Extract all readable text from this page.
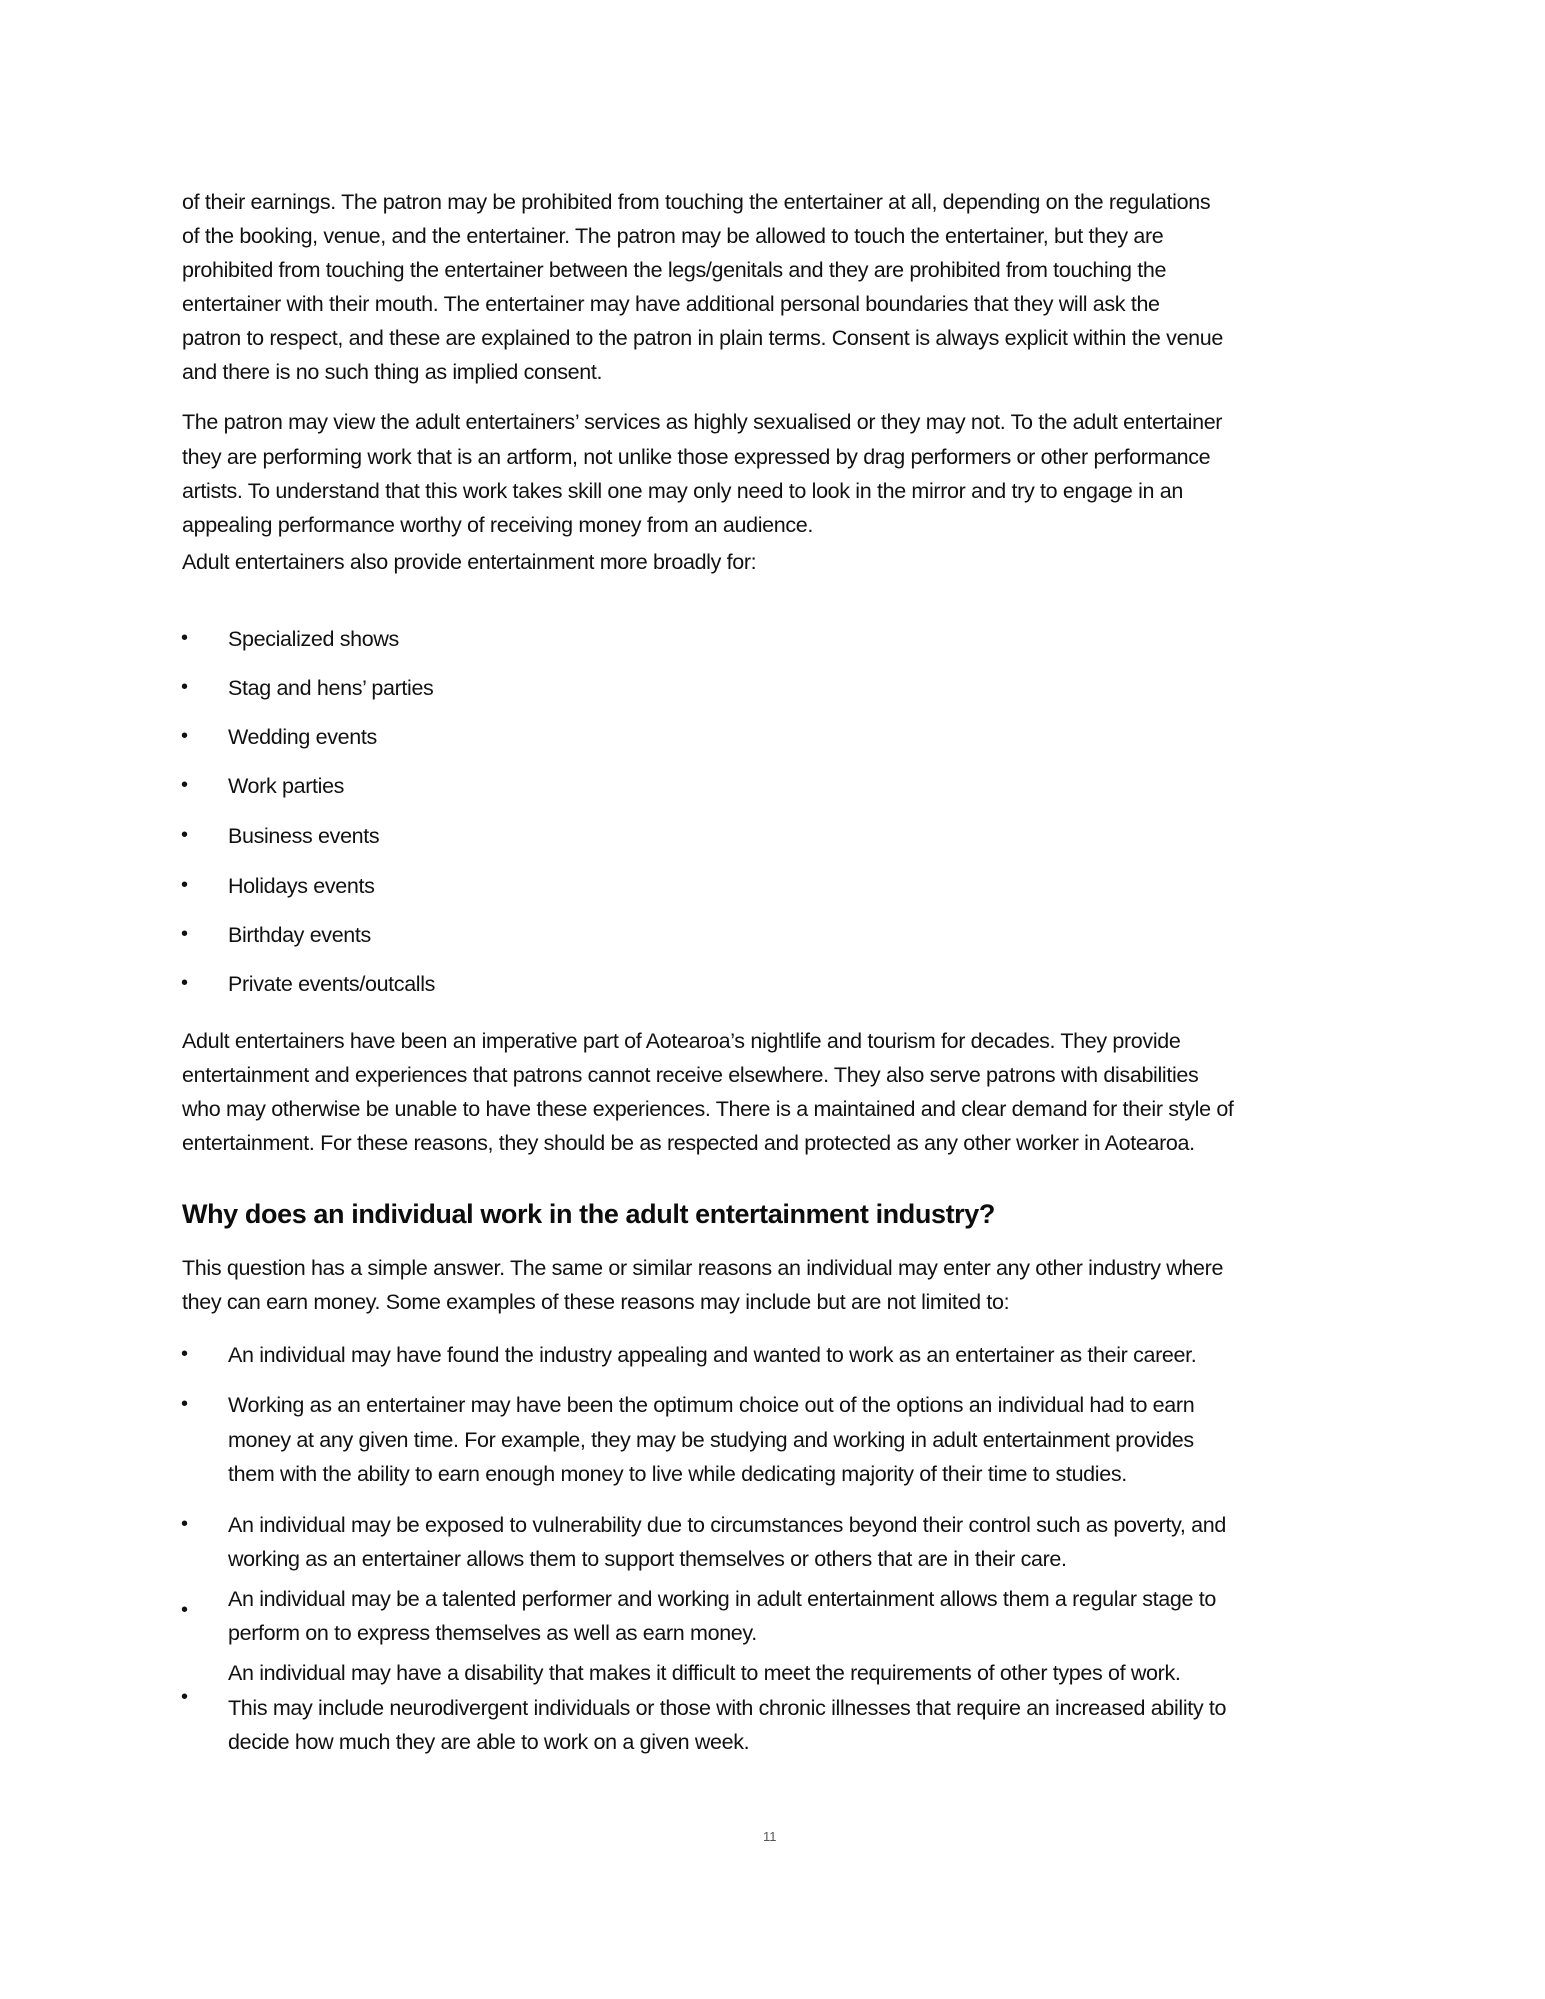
of their earnings. The patron may be prohibited from touching the entertainer at all, depending on the regulations
of the booking, venue, and the entertainer. The patron may be allowed to touch the entertainer, but they are
prohibited from touching the entertainer between the legs/genitals and they are prohibited from touching the
entertainer with their mouth. The entertainer may have additional personal boundaries that they will ask the
patron to respect, and these are explained to the patron in plain terms. Consent is always explicit within the venue
and there is no such thing as implied consent.
The patron may view the adult entertainers’ services as highly sexualised or they may not. To the adult entertainer
they are performing work that is an artform, not unlike those expressed by drag performers or other performance
artists. To understand that this work takes skill one may only need to look in the mirror and try to engage in an
appealing performance worthy of receiving money from an audience.
Adult entertainers also provide entertainment more broadly for:
• Specialized shows
• Stag and hens’ parties
• Wedding events
• Work parties
• Business events
• Holidays events
• Birthday events
• Private events/outcalls
Adult entertainers have been an imperative part of Aotearoa’s nightlife and tourism for decades. They provide
entertainment and experiences that patrons cannot receive elsewhere. They also serve patrons with disabilities
who may otherwise be unable to have these experiences. There is a maintained and clear demand for their style of
entertainment. For these reasons, they should be as respected and protected as any other worker in Aotearoa.
Why does an individual work in the adult entertainment industry?
This question has a simple answer. The same or similar reasons an individual may enter any other industry where
they can earn money. Some examples of these reasons may include but are not limited to:
• An individual may have found the industry appealing and wanted to work as an entertainer as their career.
• Working as an entertainer may have been the optimum choice out of the options an individual had to earn
money at any given time. For example, they may be studying and working in adult entertainment provides
them with the ability to earn enough money to live while dedicating majority of their time to studies.
• An individual may be exposed to vulnerability due to circumstances beyond their control such as poverty, and
working as an entertainer allows them to support themselves or others that are in their care.
• An individual may be a talented performer and working in adult entertainment allows them a regular stage to
perform on to express themselves as well as earn money.
•
An individual may have a disability that makes it difficult to meet the requirements of other types of work.
This may include neurodivergent individuals or those with chronic illnesses that require an increased ability to
decide how much they are able to work on a given week.
11
